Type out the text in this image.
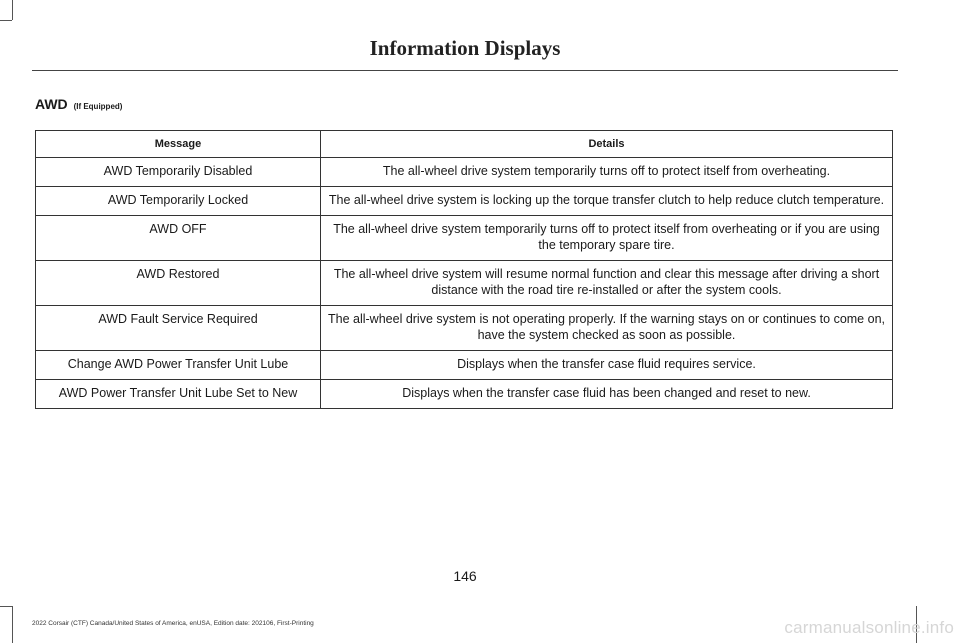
Information Displays
AWD (If Equipped)
Message	Details
AWD Temporarily Disabled	The all-wheel drive system temporarily turns off to protect itself from overheating.
AWD Temporarily Locked	The all-wheel drive system is locking up the torque transfer clutch to help reduce clutch temperature.
AWD OFF	The all-wheel drive system temporarily turns off to protect itself from overheating or if you are using the temporary spare tire.
AWD Restored	The all-wheel drive system will resume normal function and clear this message after driving a short distance with the road tire re-installed or after the system cools.
AWD Fault Service Required	The all-wheel drive system is not operating properly. If the warning stays on or continues to come on, have the system checked as soon as possible.
Change AWD Power Transfer Unit Lube	Displays when the transfer case fluid requires service.
AWD Power Transfer Unit Lube Set to New	Displays when the transfer case fluid has been changed and reset to new.
146
2022 Corsair (CTF) Canada/United States of America, enUSA, Edition date: 202106, First-Printing	carmanualsonline.info
